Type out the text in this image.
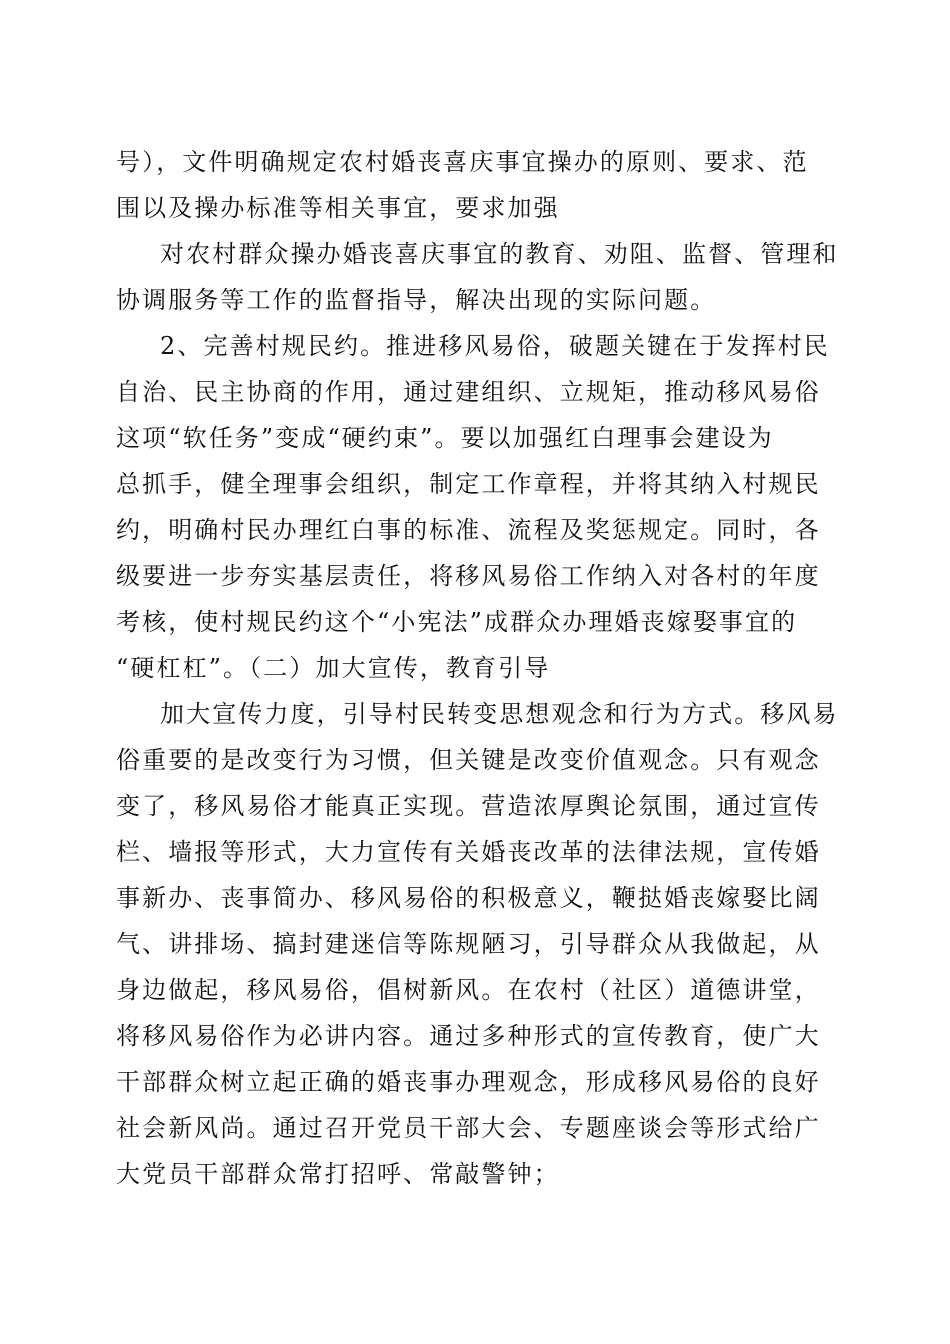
号），文件明确规定农村婚丧喜庆事宜操办的原则、要求、范
围以及操办标准等相关事宜，要求加强
对农村群众操办婚丧喜庆事宜的教育、劝阻、监督、管理和
协调服务等工作的监督指导，解决出现的实际问题。
2、完善村规民约。推进移风易俗，破题关键在于发挥村民
自治、民主协商的作用，通过建组织、立规矩，推动移风易俗
这项“软任务”变成“硬约束”。要以加强红白理事会建设为
总抓手，健全理事会组织，制定工作章程，并将其纳入村规民
约，明确村民办理红白事的标准、流程及奖惩规定。同时，各
级要进一步夯实基层责任，将移风易俗工作纳入对各村的年度
考核，使村规民约这个“小宪法”成群众办理婚丧嫁娶事宜的
“硬杠杠”。（二）加大宣传，教育引导
加大宣传力度，引导村民转变思想观念和行为方式。移风易
俗重要的是改变行为习惯，但关键是改变价值观念。只有观念
变了，移风易俗才能真正实现。营造浓厚舆论氛围，通过宣传
栏、墙报等形式，大力宣传有关婚丧改革的法律法规，宣传婚
事新办、丧事简办、移风易俗的积极意义，鞭挞婚丧嫁娶比阔
气、讲排场、搞封建迷信等陈规陋习，引导群众从我做起，从
身边做起，移风易俗，倡树新风。在农村（社区）道德讲堂，
将移风易俗作为必讲内容。通过多种形式的宣传教育，使广大
干部群众树立起正确的婚丧事办理观念，形成移风易俗的良好
社会新风尚。通过召开党员干部大会、专题座谈会等形式给广
大党员干部群众常打招呼、常敲警钟；
